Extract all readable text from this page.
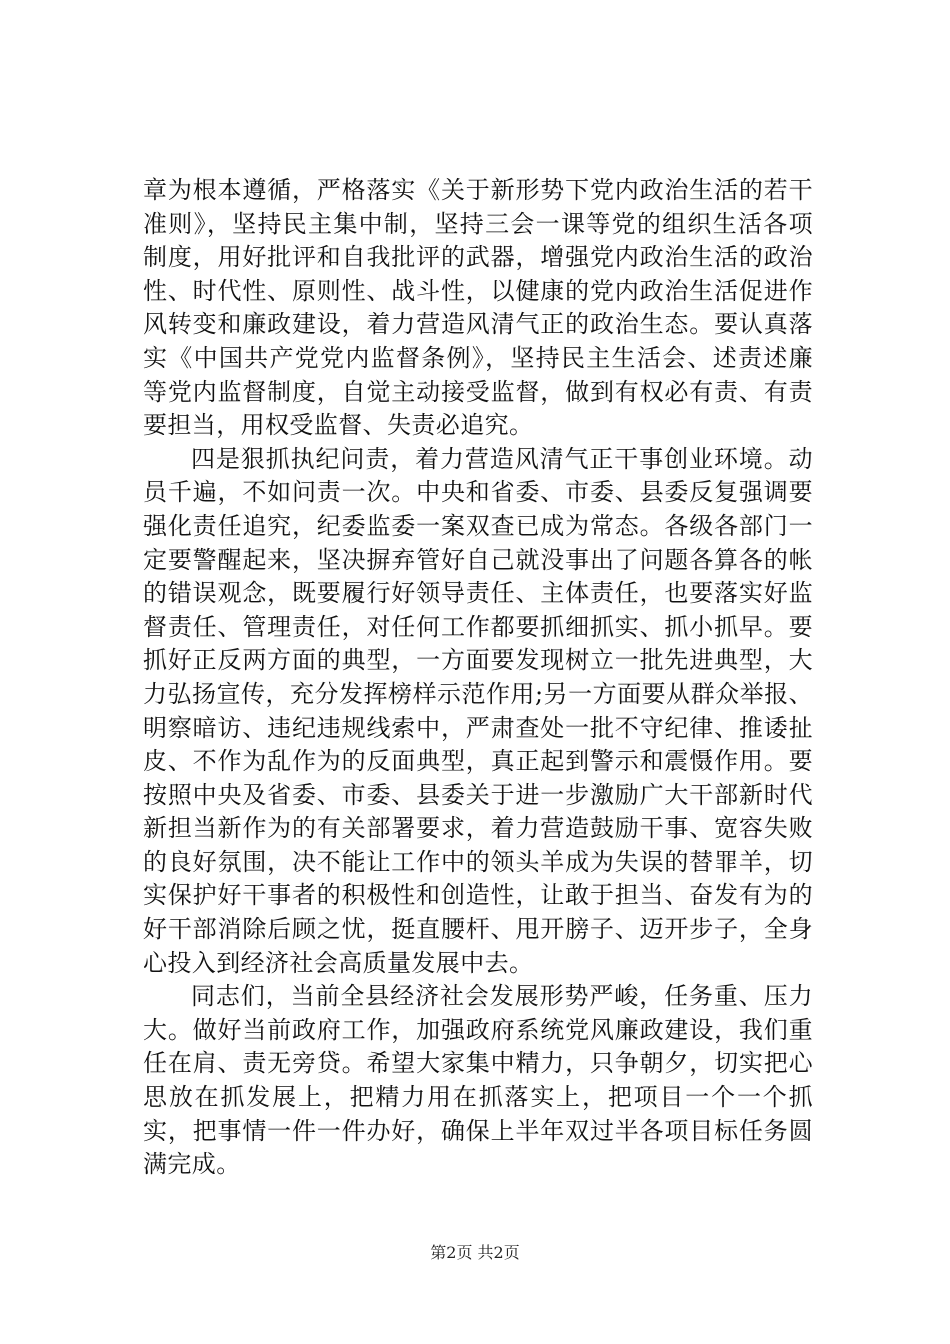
章为根本遵循，严格落实《关于新形势下党内政治生活的若干准则》，坚持民主集中制，坚持三会一课等党的组织生活各项制度，用好批评和自我批评的武器，增强党内政治生活的政治性、时代性、原则性、战斗性，以健康的党内政治生活促进作风转变和廉政建设，着力营造风清气正的政治生态。要认真落实《中国共产党党内监督条例》，坚持民主生活会、述责述廉等党内监督制度，自觉主动接受监督，做到有权必有责、有责要担当，用权受监督、失责必追究。

四是狠抓执纪问责，着力营造风清气正干事创业环境。动员千遍，不如问责一次。中央和省委、市委、县委反复强调要强化责任追究，纪委监委一案双查已成为常态。各级各部门一定要警醒起来，坚决摒弃管好自己就没事出了问题各算各的帐的错误观念，既要履行好领导责任、主体责任，也要落实好监督责任、管理责任，对任何工作都要抓细抓实、抓小抓早。要抓好正反两方面的典型，一方面要发现树立一批先进典型，大力弘扬宣传，充分发挥榜样示范作用;另一方面要从群众举报、明察暗访、违纪违规线索中，严肃查处一批不守纪律、推诿扯皮、不作为乱作为的反面典型，真正起到警示和震慑作用。要按照中央及省委、市委、县委关于进一步激励广大干部新时代新担当新作为的有关部署要求，着力营造鼓励干事、宽容失败的良好氛围，决不能让工作中的领头羊成为失误的替罪羊，切实保护好干事者的积极性和创造性，让敢于担当、奋发有为的好干部消除后顾之忧，挺直腰杆、甩开膀子、迈开步子，全身心投入到经济社会高质量发展中去。

同志们，当前全县经济社会发展形势严峻，任务重、压力大。做好当前政府工作，加强政府系统党风廉政建设，我们重任在肩、责无旁贷。希望大家集中精力，只争朝夕，切实把心思放在抓发展上，把精力用在抓落实上，把项目一个一个抓实，把事情一件一件办好，确保上半年双过半各项目标任务圆满完成。

第2页 共2页
